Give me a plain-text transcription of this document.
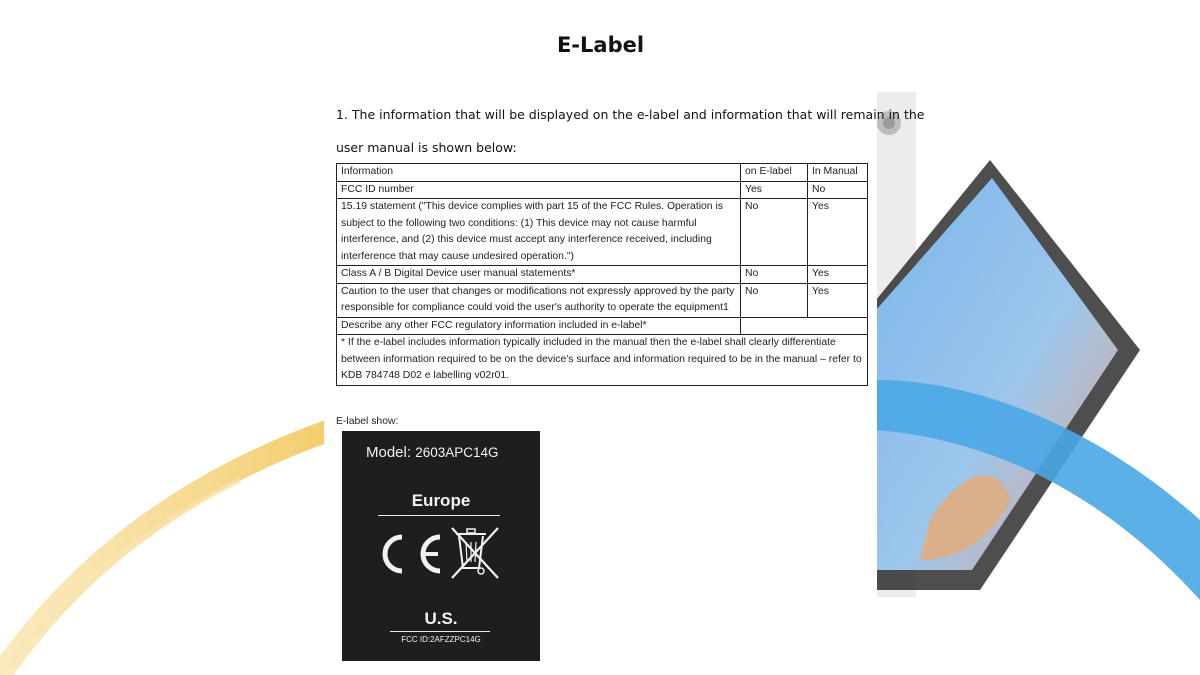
E-Label
1. The information that will be displayed on the e-label and information that will remain in the
user manual is shown below:
Information	on E-label	In Manual
FCC ID number	Yes	No
15.19 statement ("This device complies with part 15 of the FCC Rules. Operation is subject to the following two conditions: (1) This device may not cause harmful interference, and (2) this device must accept any interference received, including interference that may cause undesired operation.")	No	Yes
Class A / B Digital Device user manual statements*	No	Yes
Caution to the user that changes or modifications not expressly approved by the party responsible for compliance could void the user's authority to operate the equipment1	No	Yes
Describe any other FCC regulatory information included in e-label*		
* If the e-label includes information typically included in the manual then the e-label shall clearly differentiate between information required to be on the device's surface and information required to be in the manual – refer to KDB 784748 D02 e labelling v02r01.		
E-label show:
Model: 2603APC14G
Europe
U.S.
FCC ID:2AFZZPC14G
